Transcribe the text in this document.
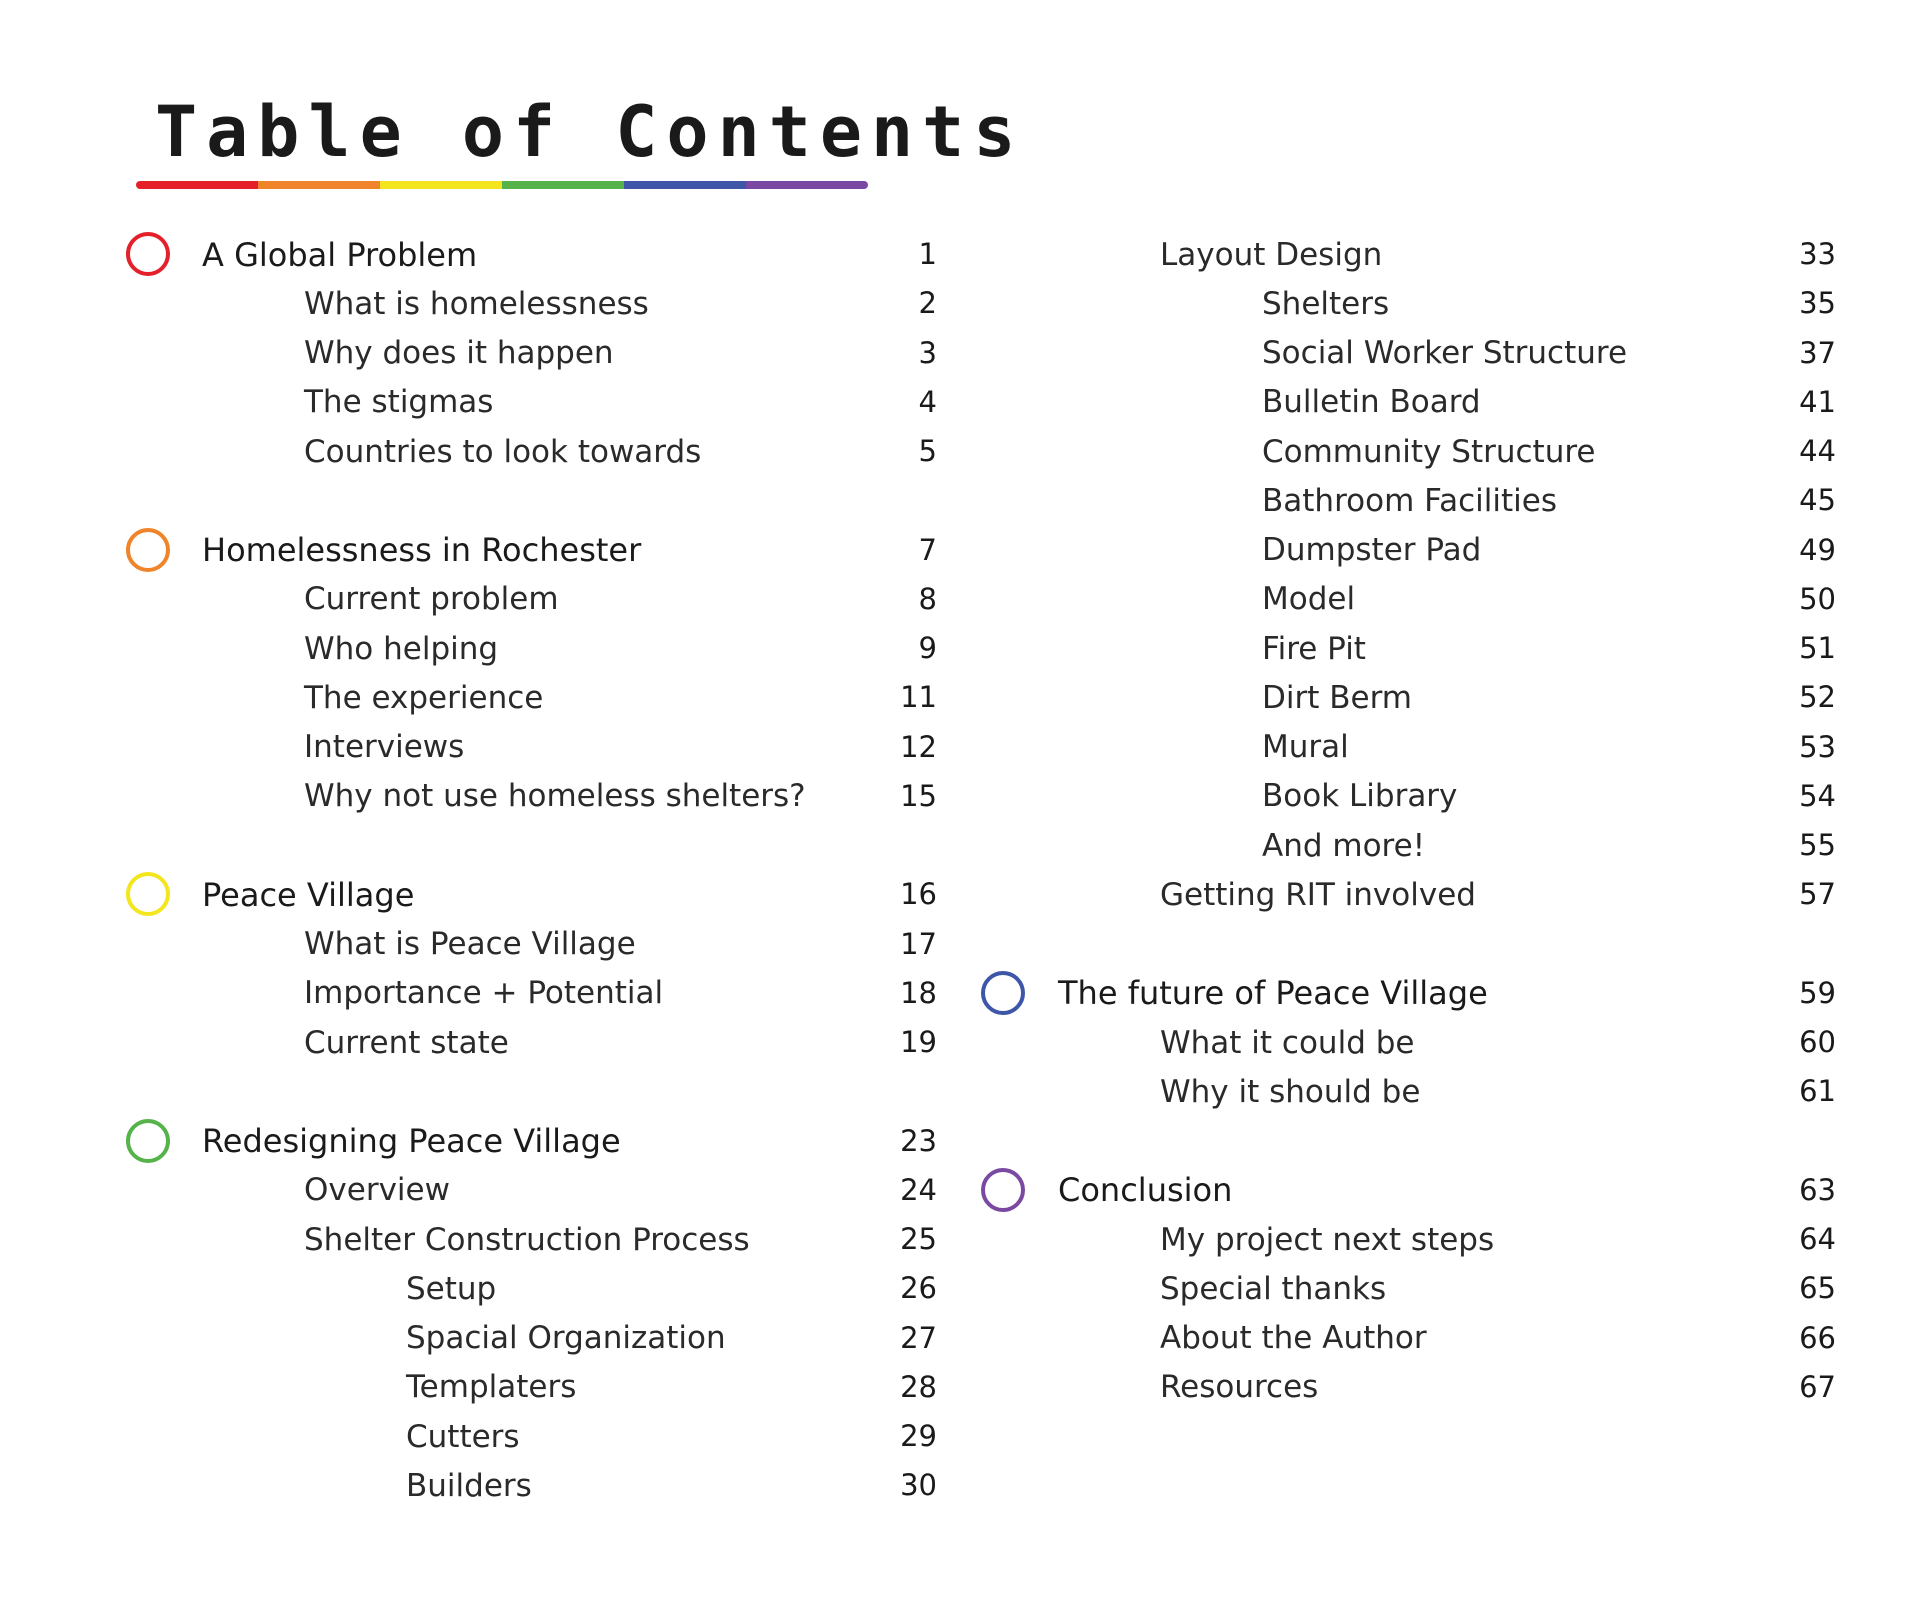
Table of Contents
A Global Problem	1
What is homelessness	2
Why does it happen	3
The stigmas	4
Countries to look towards	5
Homelessness in Rochester	7
Current problem	8
Who helping	9
The experience	11
Interviews	12
Why not use homeless shelters?	15
Peace Village	16
What is Peace Village	17
Importance + Potential	18
Current state	19
Redesigning Peace Village	23
Overview	24
Shelter Construction Process	25
Setup	26
Spacial Organization	27
Templaters	28
Cutters	29
Builders	30
Layout Design	33
Shelters	35
Social Worker Structure	37
Bulletin Board	41
Community Structure	44
Bathroom Facilities	45
Dumpster Pad	49
Model	50
Fire Pit	51
Dirt Berm	52
Mural	53
Book Library	54
And more!	55
Getting RIT involved	57
The future of Peace Village	59
What it could be	60
Why it should be	61
Conclusion	63
My project next steps	64
Special thanks	65
About the Author	66
Resources	67
